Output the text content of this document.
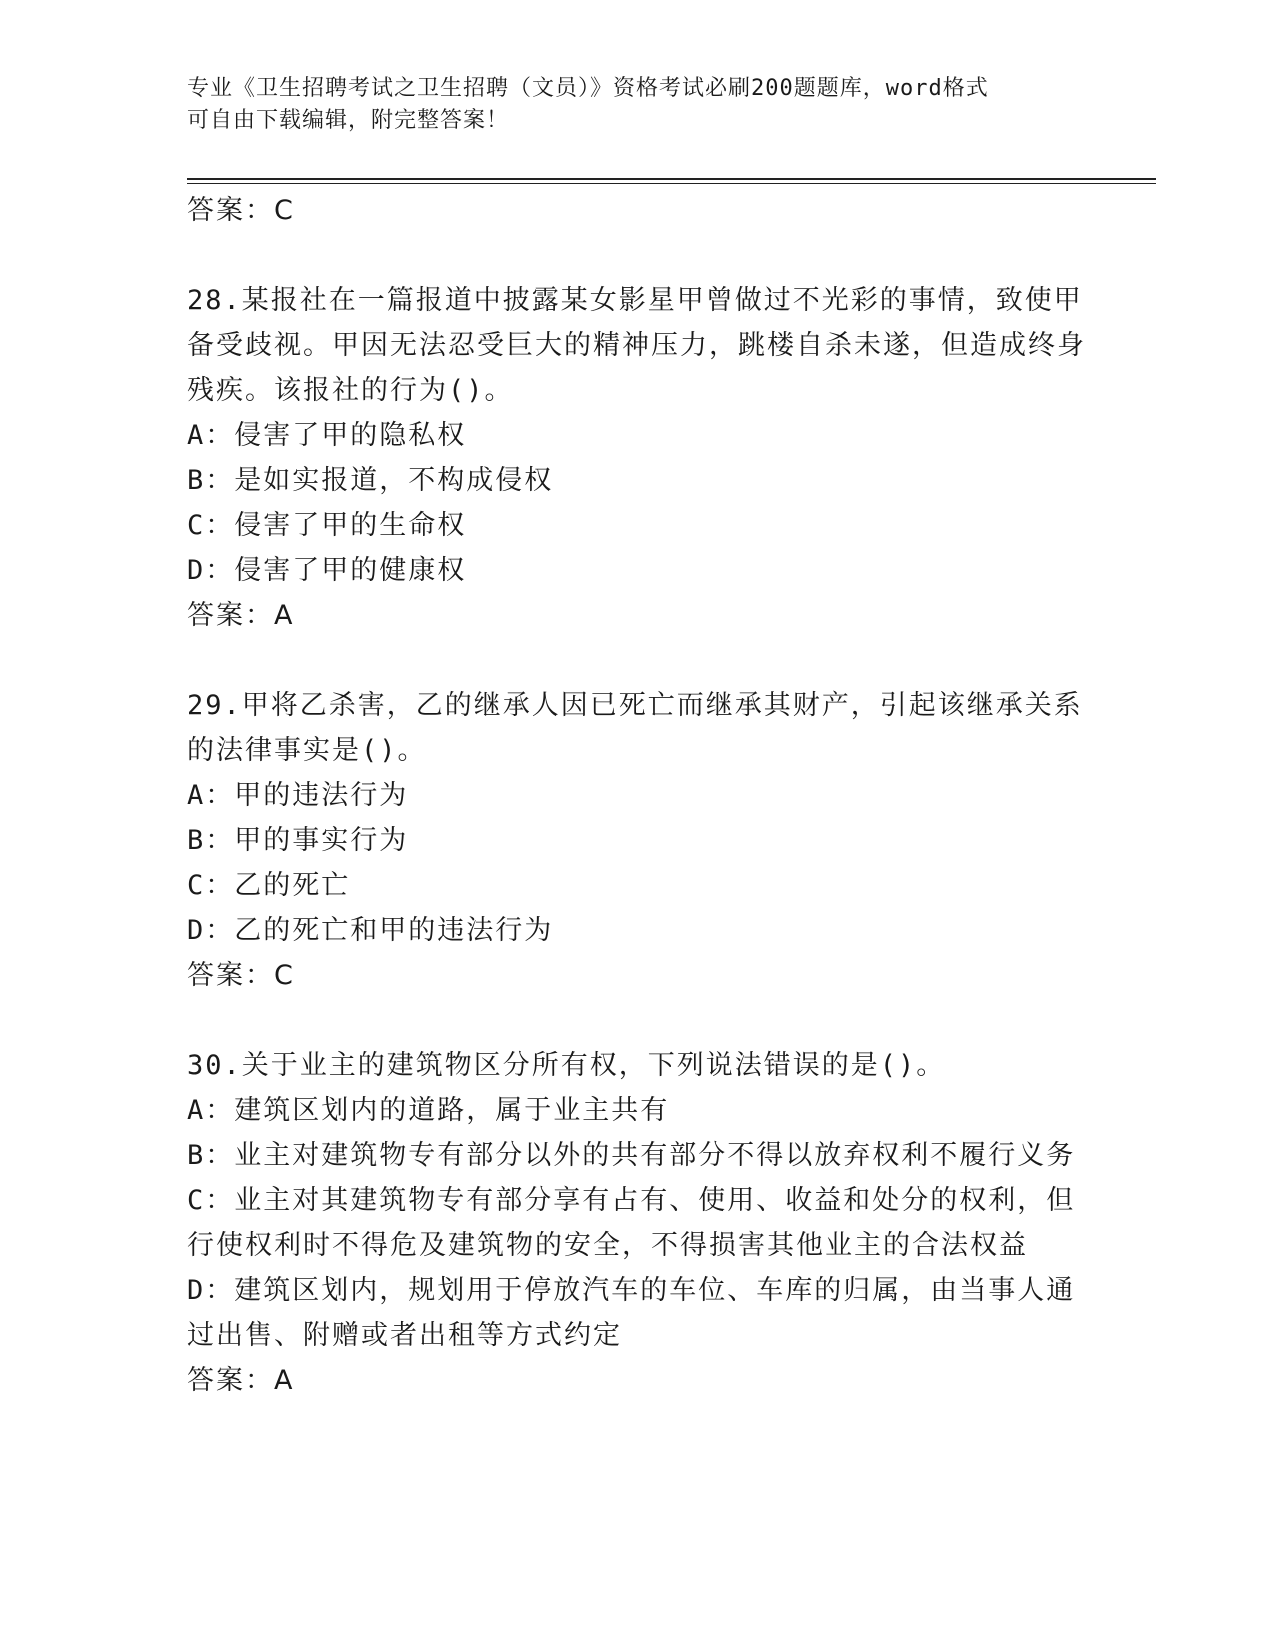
专业《卫生招聘考试之卫生招聘（文员）》资格考试必刷200题题库，word格式
可自由下载编辑，附完整答案！

答案：C

28.某报社在一篇报道中披露某女影星甲曾做过不光彩的事情，致使甲备受歧视。甲因无法忍受巨大的精神压力，跳楼自杀未遂，但造成终身残疾。该报社的行为()。

A：侵害了甲的隐私权

B：是如实报道，不构成侵权

C：侵害了甲的生命权

D：侵害了甲的健康权

答案：A

29.甲将乙杀害，乙的继承人因已死亡而继承其财产，引起该继承关系的法律事实是()。

A：甲的违法行为

B：甲的事实行为

C：乙的死亡

D：乙的死亡和甲的违法行为

答案：C

30.关于业主的建筑物区分所有权，下列说法错误的是()。

A：建筑区划内的道路，属于业主共有

B：业主对建筑物专有部分以外的共有部分不得以放弃权利不履行义务

C：业主对其建筑物专有部分享有占有、使用、收益和处分的权利，但行使权利时不得危及建筑物的安全，不得损害其他业主的合法权益

D：建筑区划内，规划用于停放汽车的车位、车库的归属，由当事人通过出售、附赠或者出租等方式约定

答案：A
